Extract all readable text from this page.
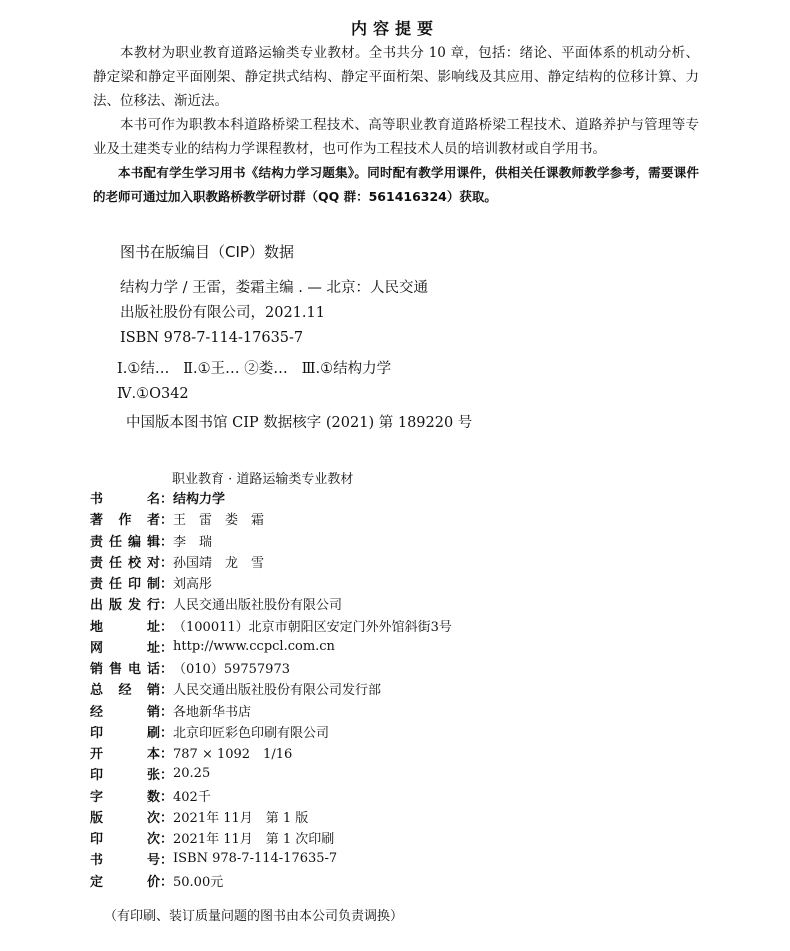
内容提要

本教材为职业教育道路运输类专业教材。全书共分 10 章，包括：绪论、平面体系的机动分析、静定梁和静定平面刚架、静定拱式结构、静定平面桁架、影响线及其应用、静定结构的位移计算、力法、位移法、渐近法。

本书可作为职教本科道路桥梁工程技术、高等职业教育道路桥梁工程技术、道路养护与管理等专业及土建类专业的结构力学课程教材，也可作为工程技术人员的培训教材或自学用书。

本书配有学生学习用书《结构力学习题集》。同时配有教学用课件，供相关任课教师教学参考，需要课件的老师可通过加入职教路桥教学研讨群（QQ 群：561416324）获取。

图书在版编目（CIP）数据
结构力学 / 王雷，娄霜主编 . — 北京：人民交通
出版社股份有限公司，2021.11
ISBN 978-7-114-17635-7
Ⅰ.①结…   Ⅱ.①王… ②娄…   Ⅲ.①结构力学
Ⅳ.①O342
中国版本图书馆 CIP 数据核字 (2021) 第 189220 号
职业教育 · 道路运输类专业教材
书	名 ： 结构力学
著 作 者 ： 王　雷　娄　霜
责 任 编 辑 ： 李　瑞
责 任 校 对 ： 孙国靖　龙　雪
责 任 印 制 ： 刘高彤
出 版 发 行 ： 人民交通出版社股份有限公司
地	址 ： （100011）北京市朝阳区安定门外外馆斜街3号
网	址 ： http://www.ccpcl.com.cn
销 售 电 话 ： （010）59757973
总 经 销 ： 人民交通出版社股份有限公司发行部
经	销 ： 各地新华书店
印	刷 ： 北京印匠彩色印刷有限公司
开	本 ： 787 × 1092　1/16
印	张 ： 20.25
字	数 ： 402千
版	次 ： 2021年 11月　第 1 版
印	次 ： 2021年 11月　第 1 次印刷
书	号 ： ISBN 978-7-114-17635-7
定	价 ： 50.00元
（有印刷、装订质量问题的图书由本公司负责调换）
